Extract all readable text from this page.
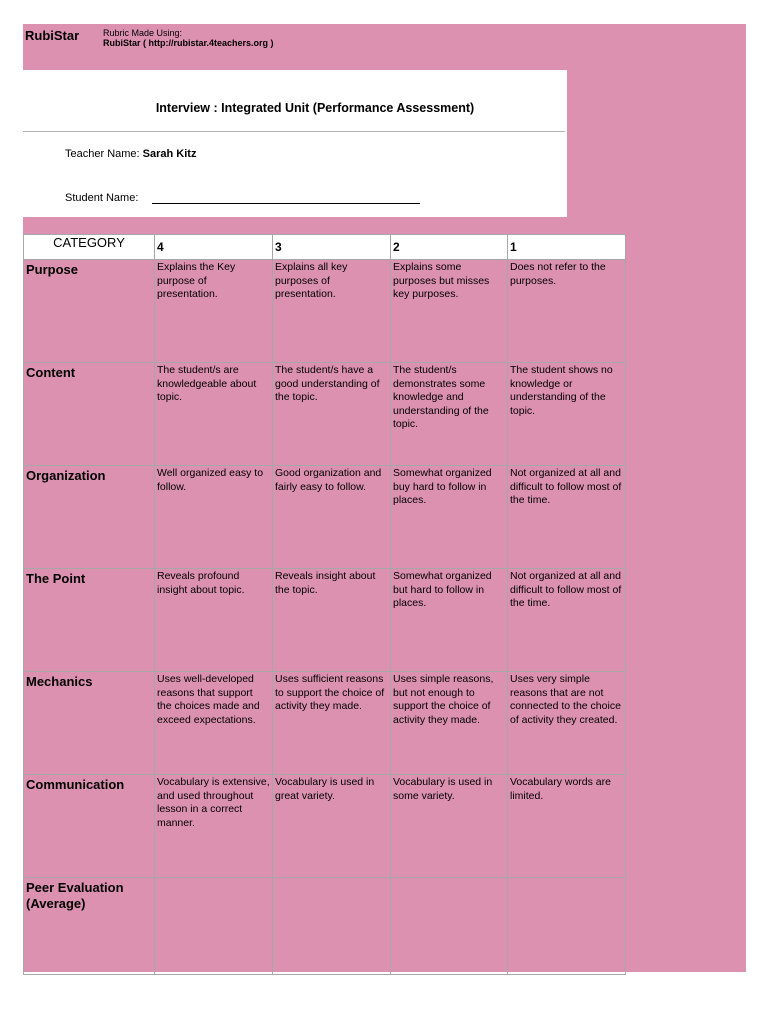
RubiStar	Rubric Made Using:
RubiStar ( http://rubistar.4teachers.org )
Interview : Integrated Unit (Performance Assessment)
Teacher Name: Sarah Kitz
Student Name:
CATEGORY	4	3	2	1
Purpose	Explains the Key purpose of presentation.	Explains all key purposes of presentation.	Explains some purposes but misses key purposes.	Does not refer to the purposes.
Content	The student/s are knowledgeable about topic.	The student/s have a good understanding of the topic.	The student/s demonstrates some knowledge and understanding of the topic.	The student shows no knowledge or understanding of the topic.
Organization	Well organized easy to follow.	Good organization and fairly easy to follow.	Somewhat organized buy hard to follow in places.	Not organized at all and difficult to follow most of the time.
The Point	Reveals profound insight about topic.	Reveals insight about the topic.	Somewhat organized but hard to follow in places.	Not organized at all and difficult to follow most of the time.
Mechanics	Uses well-developed reasons that support the choices made and exceed expectations.	Uses sufficient reasons to support the choice of activity they made.	Uses simple reasons, but not enough to support the choice of activity they made.	Uses very simple reasons that are not connected to the choice of activity they created.
Communication	Vocabulary is extensive, and used throughout lesson in a correct manner.	Vocabulary is used in great variety.	Vocabulary is used in some variety.	Vocabulary words are limited.
Peer Evaluation (Average)				
